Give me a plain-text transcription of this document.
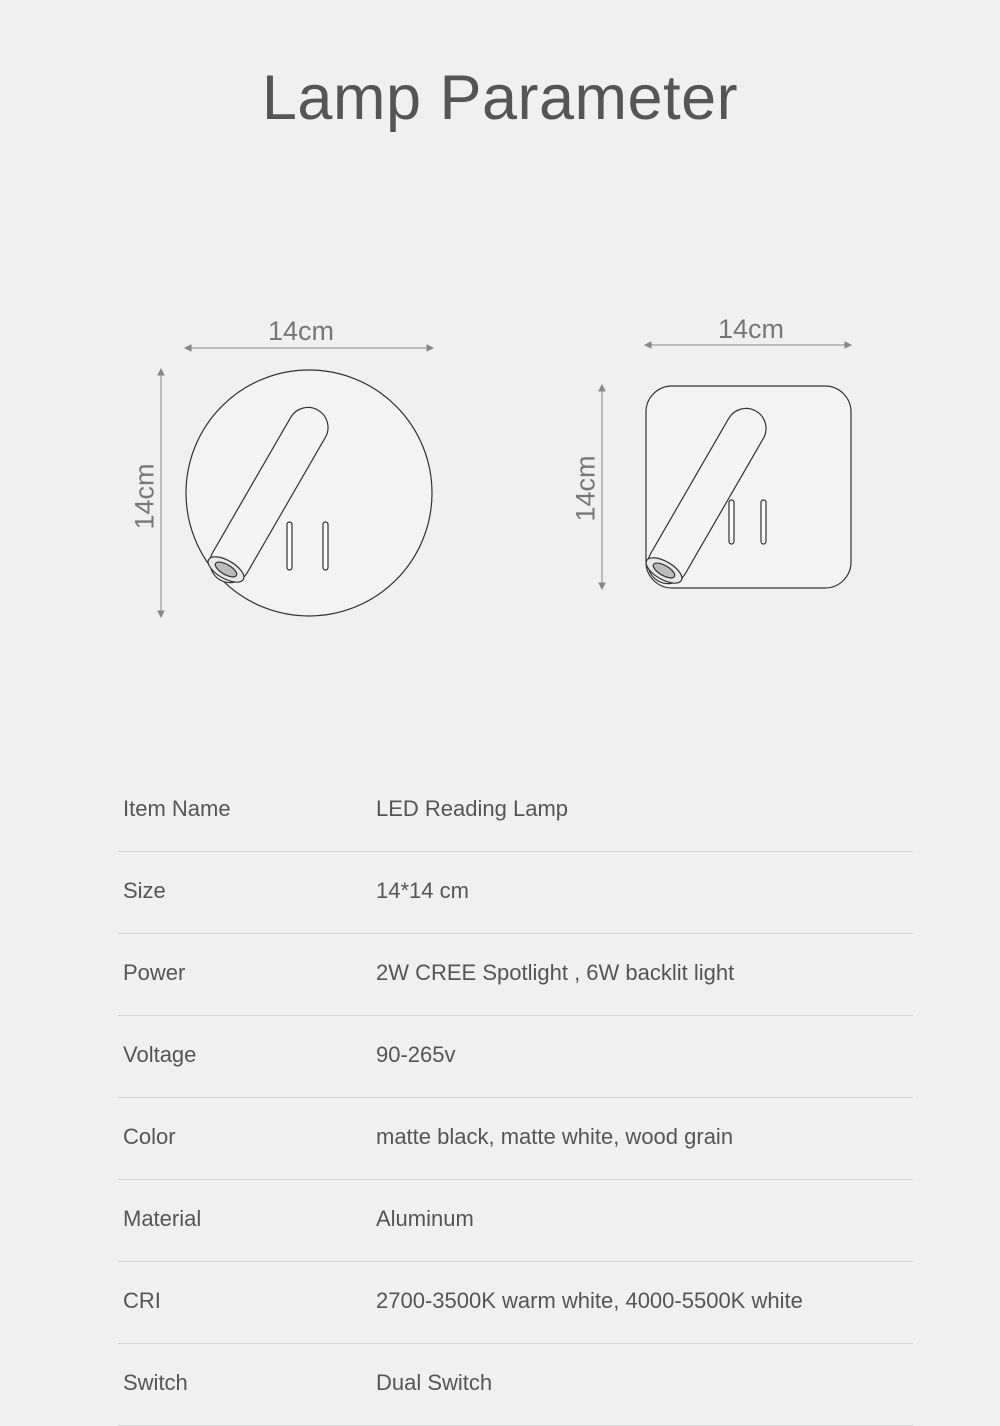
Lamp Parameter
14cm
14cm
14cm
14cm
Item Name	LED Reading Lamp
Size	14*14 cm
Power	2W CREE Spotlight , 6W backlit light
Voltage	90-265v
Color	matte black, matte white, wood grain
Material	Aluminum
CRI	2700-3500K warm white, 4000-5500K white
Switch	Dual Switch
